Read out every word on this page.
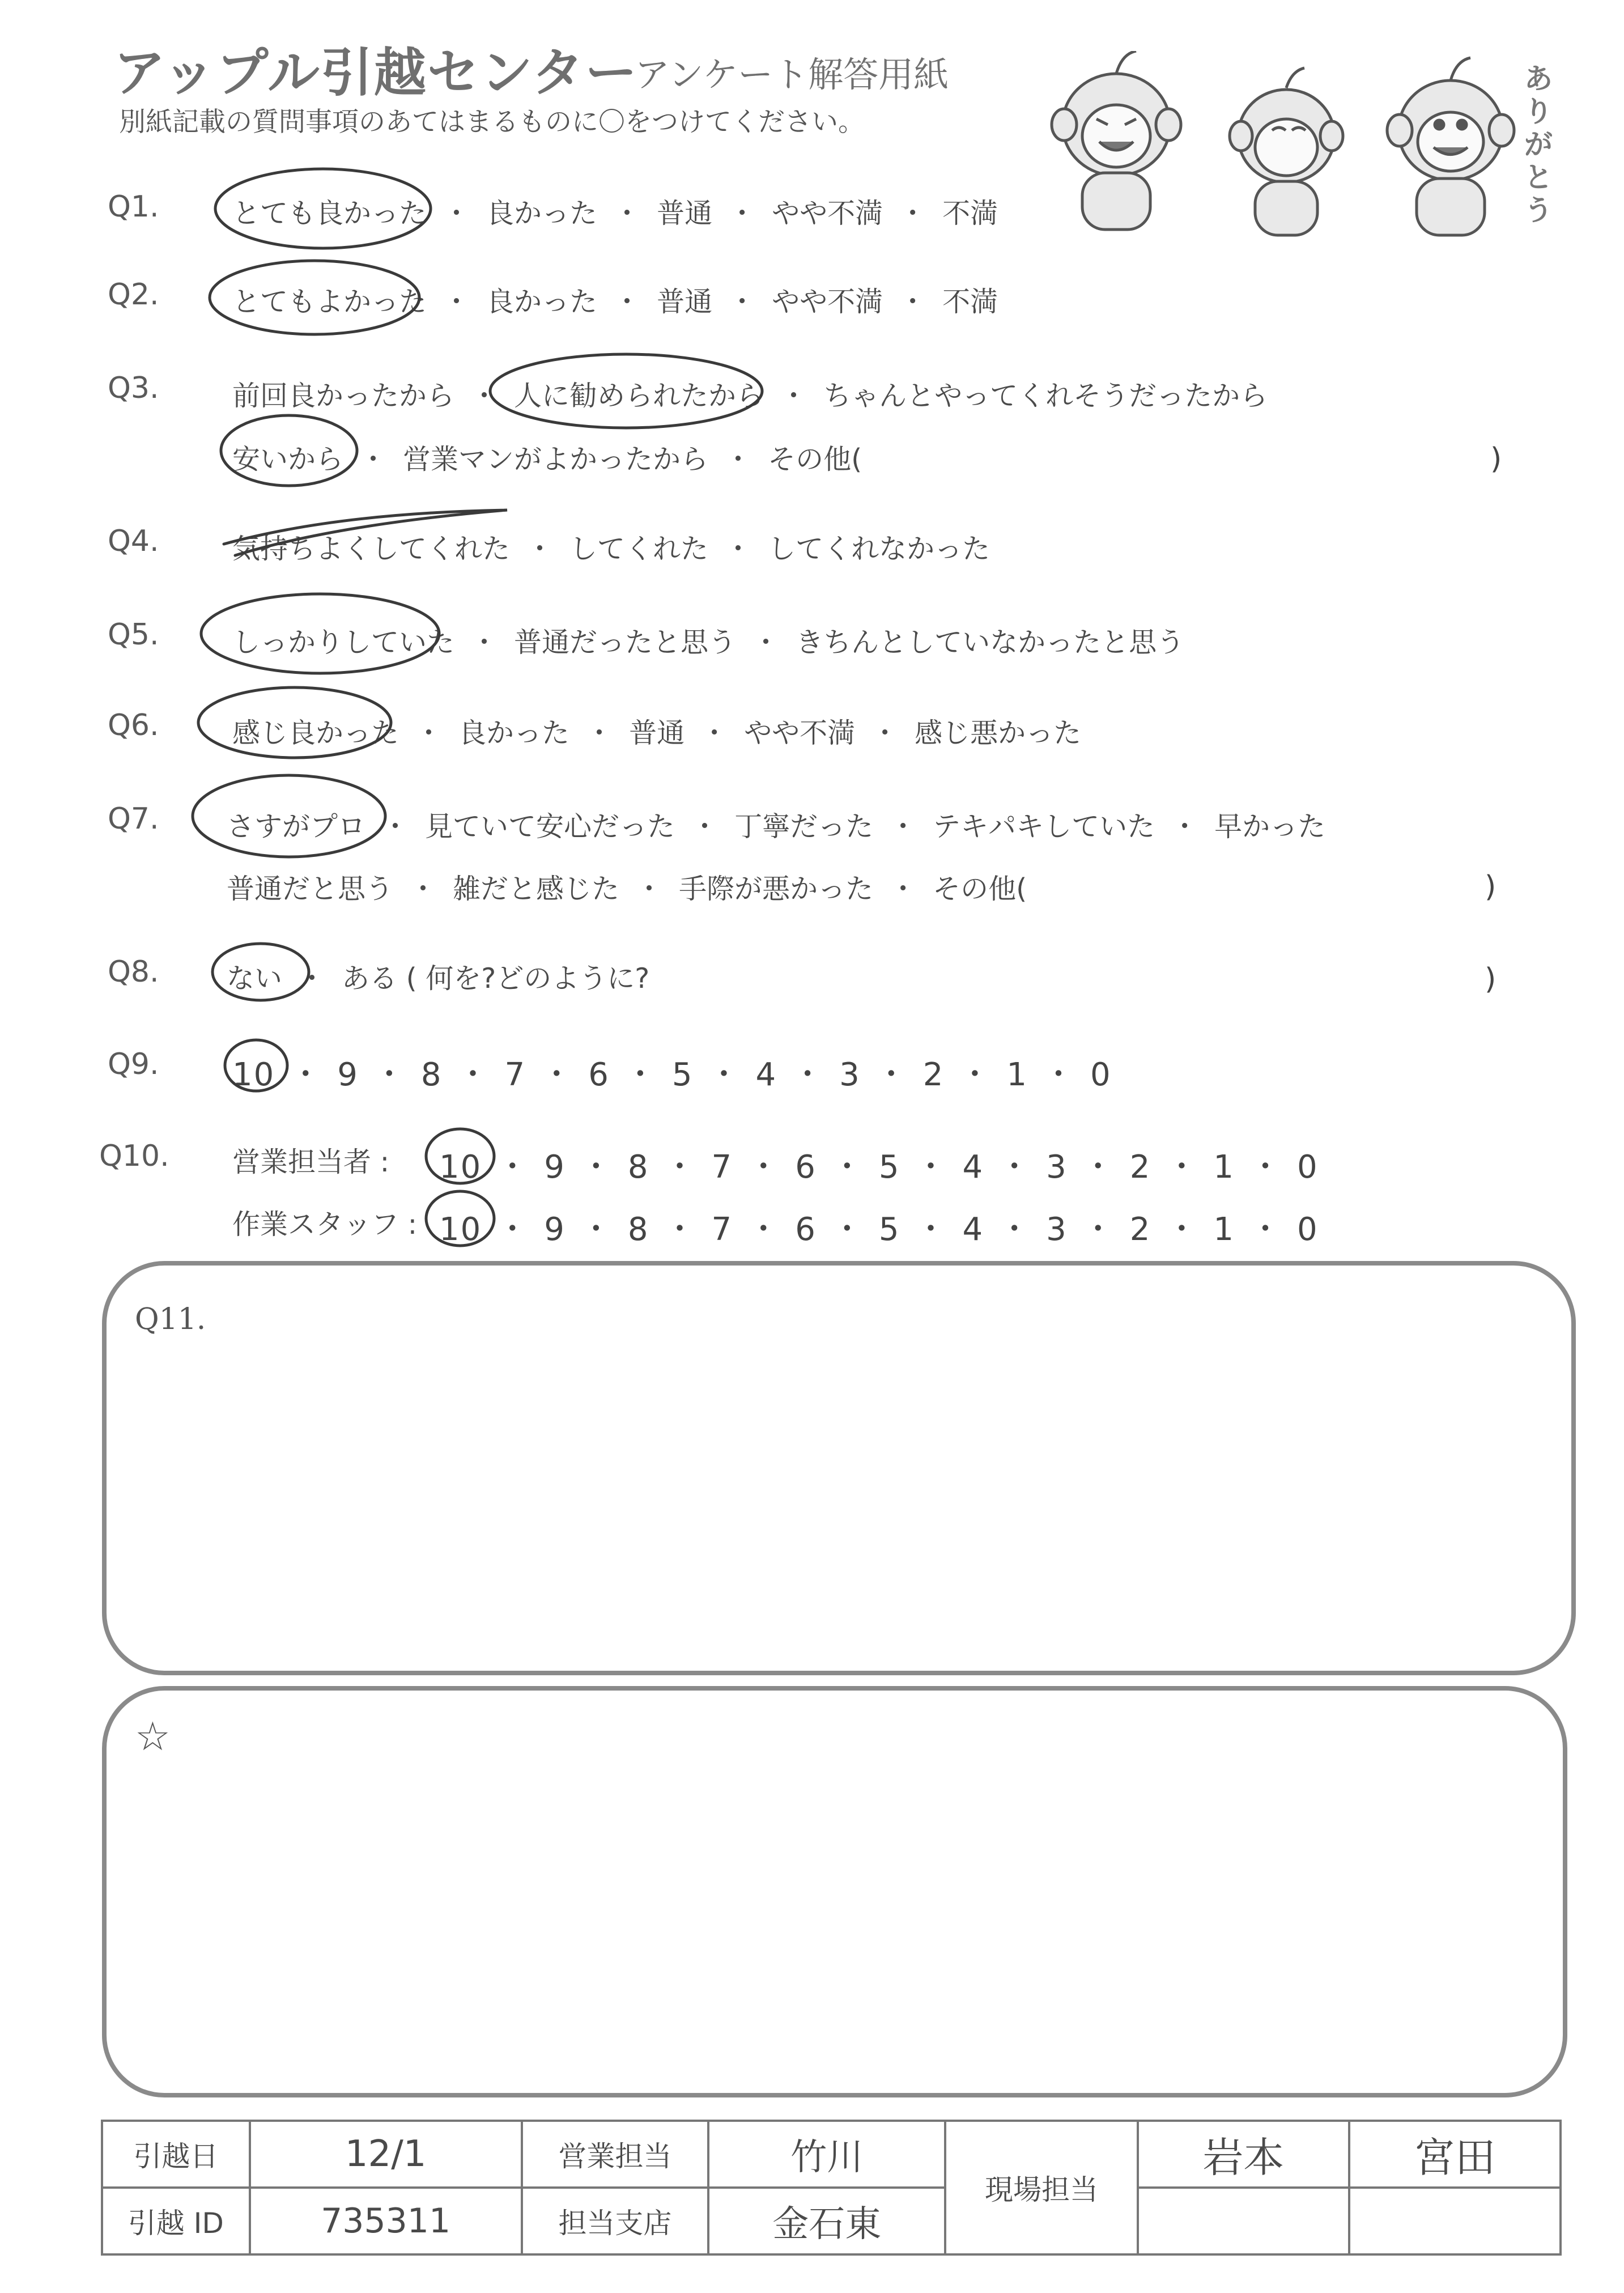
アップル引越センター
アンケート解答用紙
別紙記載の質問事項のあてはまるものに〇をつけてください。
ありがとう
Q1.	とても良かった ・ 良かった ・ 普通 ・ やや不満 ・ 不満
Q2.	とてもよかった ・ 良かった ・ 普通 ・ やや不満 ・ 不満
Q3.	前回良かったから ・ 人に勧められたから ・ ちゃんとやってくれそうだったから
安いから ・ 営業マンがよかったから ・ その他(	)
Q4.	気持ちよくしてくれた ・ してくれた ・ してくれなかった
Q5.	しっかりしていた ・ 普通だったと思う ・ きちんとしていなかったと思う
Q6.	感じ良かった ・ 良かった ・ 普通 ・ やや不満 ・ 感じ悪かった
Q7. さすがプロ ・ 見ていて安心だった ・ 丁寧だった ・ テキパキしていた ・ 早かった
普通だと思う ・ 雑だと感じた ・ 手際が悪かった ・ その他(	)
Q8. ない ・ ある ( 何を?どのように?	)
Q9. 10 ・ 9 ・ 8 ・ 7 ・ 6 ・ 5 ・ 4 ・ 3 ・ 2 ・ 1 ・ 0
Q10. 営業担当者 : 10 ・ 9 ・ 8 ・ 7 ・ 6 ・ 5 ・ 4 ・ 3 ・ 2 ・ 1 ・ 0
作業スタッフ : 10 ・ 9 ・ 8 ・ 7 ・ 6 ・ 5 ・ 4 ・ 3 ・ 2 ・ 1 ・ 0
Q11.
☆
引越日	12/1	営業担当	竹川	現場担当	岩本	宮田
引越 ID	735311	担当支店	金石東			
